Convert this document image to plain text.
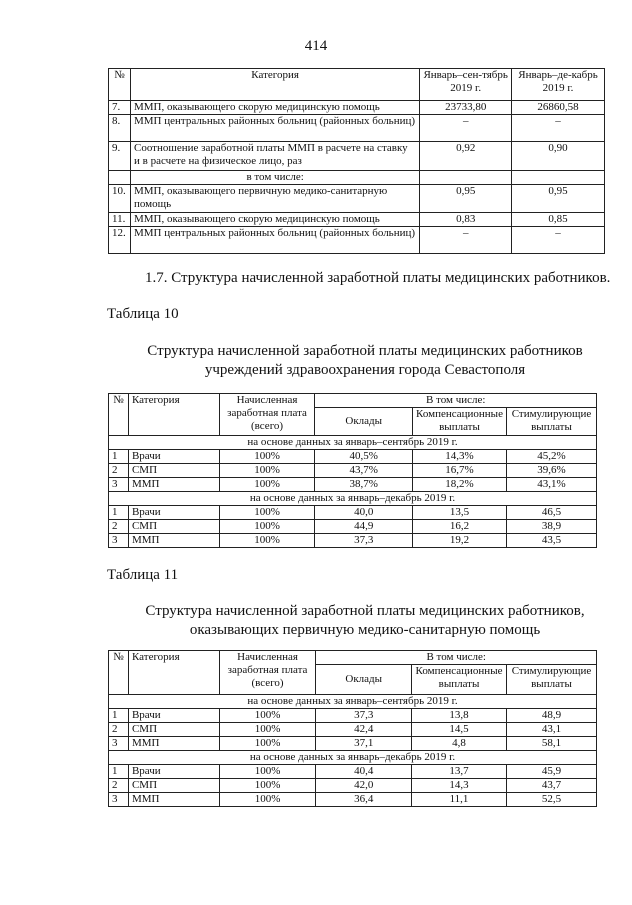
414
№	Категория	Январь–сен-тябрь 2019 г.	Январь–де-кабрь 2019 г.
7.	ММП, оказывающего скорую медицинскую помощь	23733,80	26860,58
8.	ММП центральных районных больниц (районных больниц)	–	–
9.	Соотношение заработной платы ММП в расчете на ставку и в расчете на физическое лицо, раз	0,92	0,90
	в том числе:		
10.	ММП, оказывающего первичную медико-санитарную помощь	0,95	0,95
11.	ММП, оказывающего скорую медицинскую помощь	0,83	0,85
12.	ММП центральных районных больниц (районных больниц)	–	–
1.7. Структура начисленной заработной платы медицинских работников.
Таблица 10
Структура начисленной заработной платы медицинских работников
учреждений здравоохранения города Севастополя
№	Категория	Начисленная заработная плата (всего)	В том числе:		
			Оклады	Компенсационные выплаты	Стимулирующие выплаты
на основе данных за январь–сентябрь 2019 г.					
1	Врачи	100%	40,5%	14,3%	45,2%
2	СМП	100%	43,7%	16,7%	39,6%
3	ММП	100%	38,7%	18,2%	43,1%
на основе данных за январь–декабрь 2019 г.					
1	Врачи	100%	40,0	13,5	46,5
2	СМП	100%	44,9	16,2	38,9
3	ММП	100%	37,3	19,2	43,5
Таблица 11
Структура начисленной заработной платы медицинских работников,
оказывающих первичную медико-санитарную помощь
№	Категория	Начисленная заработная плата (всего)	В том числе:		
			Оклады	Компенсационные выплаты	Стимулирующие выплаты
на основе данных за январь–сентябрь 2019 г.					
1	Врачи	100%	37,3	13,8	48,9
2	СМП	100%	42,4	14,5	43,1
3	ММП	100%	37,1	4,8	58,1
на основе данных за январь–декабрь 2019 г.					
1	Врачи	100%	40,4	13,7	45,9
2	СМП	100%	42,0	14,3	43,7
3	ММП	100%	36,4	11,1	52,5
